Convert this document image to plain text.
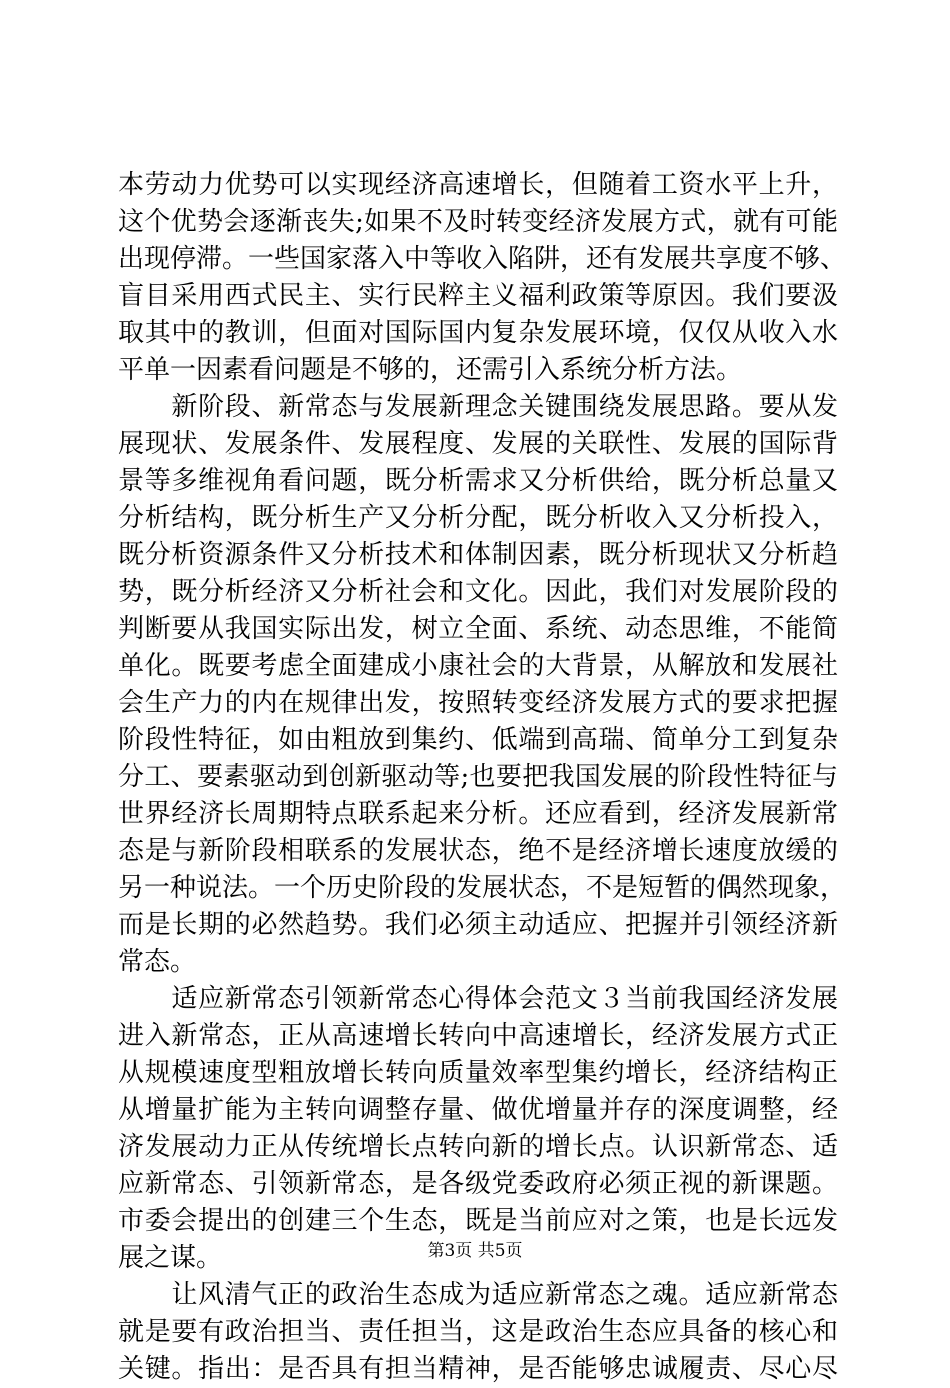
本劳动力优势可以实现经济高速增长，但随着工资水平上升，
这个优势会逐渐丧失;如果不及时转变经济发展方式，就有可能
出现停滞。一些国家落入中等收入陷阱，还有发展共享度不够、
盲目采用西式民主、实行民粹主义福利政策等原因。我们要汲
取其中的教训，但面对国际国内复杂发展环境，仅仅从收入水
平单一因素看问题是不够的，还需引入系统分析方法。
　　新阶段、新常态与发展新理念关键围绕发展思路。要从发
展现状、发展条件、发展程度、发展的关联性、发展的国际背
景等多维视角看问题，既分析需求又分析供给，既分析总量又
分析结构，既分析生产又分析分配，既分析收入又分析投入，
既分析资源条件又分析技术和体制因素，既分析现状又分析趋
势，既分析经济又分析社会和文化。因此，我们对发展阶段的
判断要从我国实际出发，树立全面、系统、动态思维，不能简
单化。既要考虑全面建成小康社会的大背景，从解放和发展社
会生产力的内在规律出发，按照转变经济发展方式的要求把握
阶段性特征，如由粗放到集约、低端到高瑞、简单分工到复杂
分工、要素驱动到创新驱动等;也要把我国发展的阶段性特征与
世界经济长周期特点联系起来分析。还应看到，经济发展新常
态是与新阶段相联系的发展状态，绝不是经济增长速度放缓的
另一种说法。一个历史阶段的发展状态，不是短暂的偶然现象，
而是长期的必然趋势。我们必须主动适应、把握并引领经济新
常态。
　　适应新常态引领新常态心得体会范文３当前我国经济发展
进入新常态，正从高速增长转向中高速增长，经济发展方式正
从规模速度型粗放增长转向质量效率型集约增长，经济结构正
从增量扩能为主转向调整存量、做优增量并存的深度调整，经
济发展动力正从传统增长点转向新的增长点。认识新常态、适
应新常态、引领新常态，是各级党委政府必须正视的新课题。
市委会提出的创建三个生态，既是当前应对之策，也是长远发
展之谋。
　　让风清气正的政治生态成为适应新常态之魂。适应新常态
就是要有政治担当、责任担当，这是政治生态应具备的核心和
关键。指出：是否具有担当精神，是否能够忠诚履责、尽心尽
第3页 共5页
